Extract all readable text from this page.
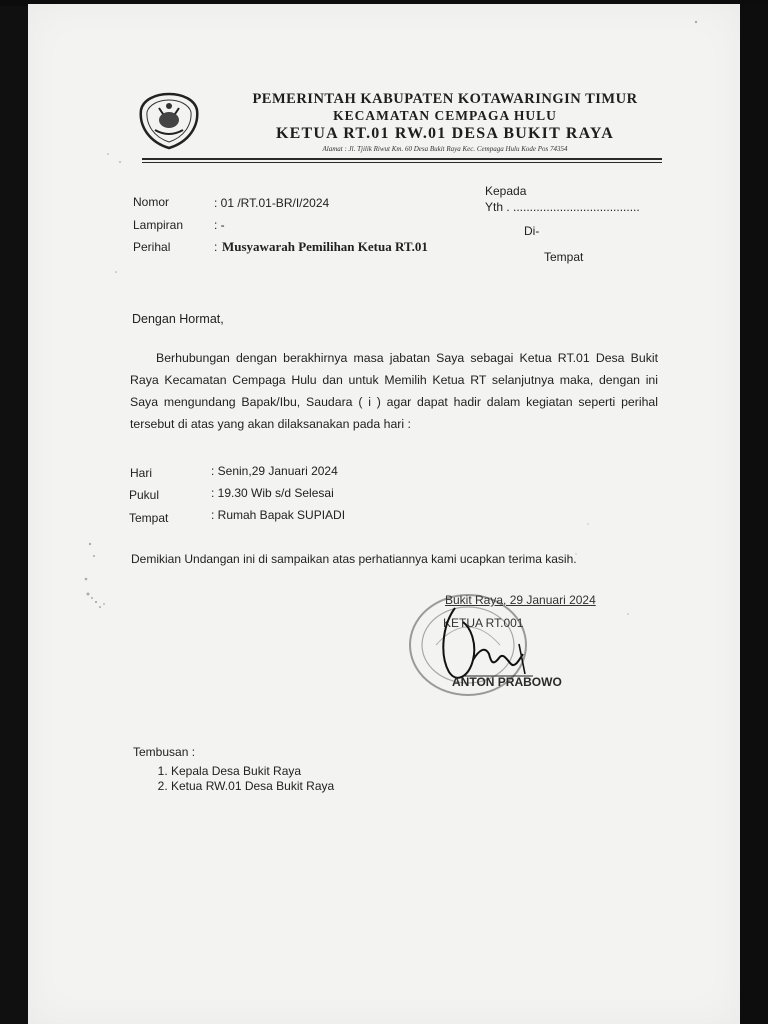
PEMERINTAH KABUPATEN KOTAWARINGIN TIMUR
KECAMATAN CEMPAGA HULU
KETUA RT.01 RW.01 DESA BUKIT RAYA
Alamat : Jl. Tjilik Riwut Km. 60 Desa Bukit Raya Kec. Cempaga Hulu Kode Pos 74354
Nomor	: 01 /RT.01-BR/I/2024
Lampiran	: -
Perihal	: Musyawarah Pemilihan Ketua RT.01
Kepada
Yth . ......................................
Di-
Tempat
Dengan Hormat,
Berhubungan dengan berakhirnya masa jabatan Saya sebagai Ketua RT.01 Desa Bukit Raya Kecamatan Cempaga Hulu dan untuk Memilih Ketua RT selanjutnya maka, dengan ini Saya mengundang Bapak/Ibu, Saudara ( i ) agar dapat hadir dalam kegiatan seperti perihal tersebut di atas yang akan dilaksanakan pada hari :
Hari	: Senin,29 Januari 2024
Pukul	: 19.30 Wib s/d Selesai
Tempat	: Rumah Bapak SUPIADI
Demikian Undangan ini di sampaikan atas perhatiannya kami ucapkan terima kasih.
Bukit Raya, 29 Januari 2024
KETUA RT.001
ANTON PRABOWO
Tembusan :
1. Kepala Desa Bukit Raya
2. Ketua RW.01 Desa Bukit Raya
